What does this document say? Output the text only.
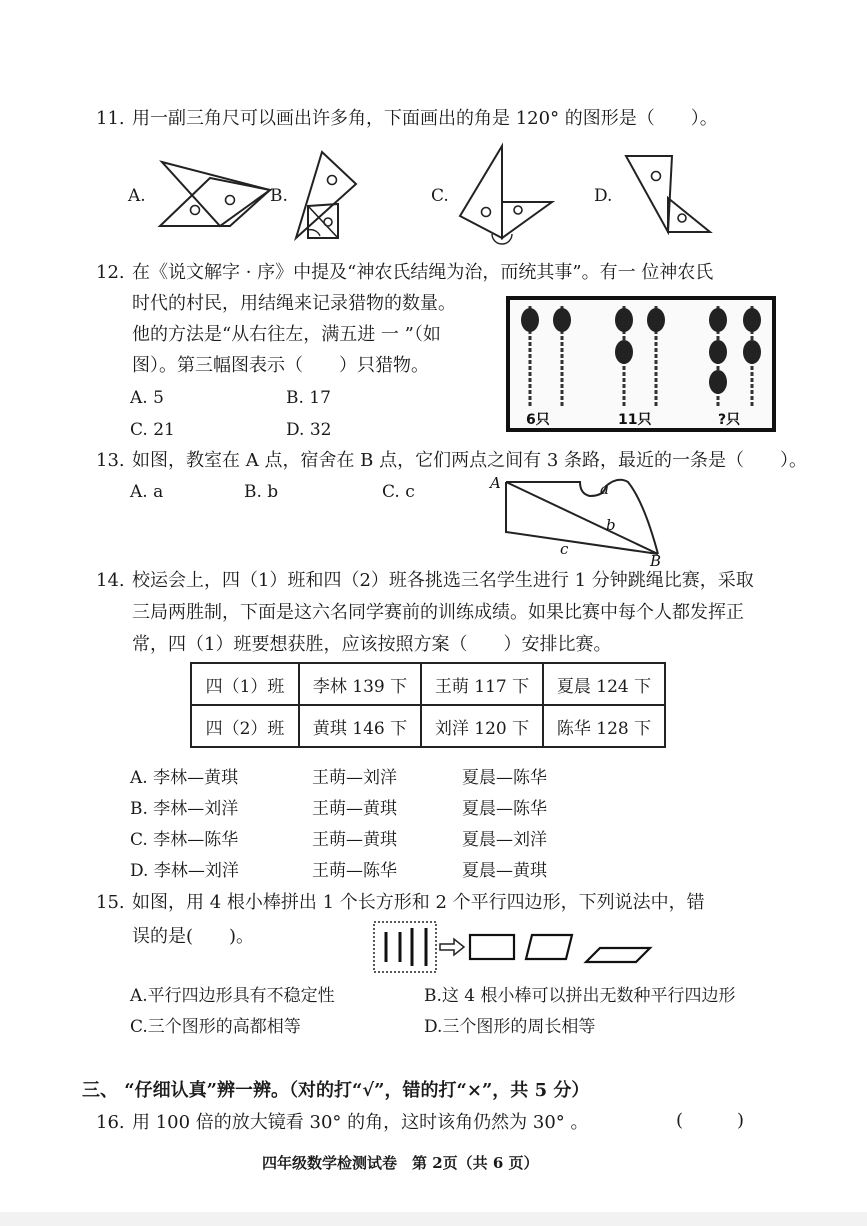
11. 用一副三角尺可以画出许多角，下面画出的角是 120° 的图形是（　　）。
A.	B.	C.	D.
12. 在《说文解字 · 序》中提及“神农氏结绳为治，而统其事”。有一 位神农氏
时代的村民，用结绳来记录猎物的数量。
他的方法是“从右往左，满五进 一 ”（如
图）。第三幅图表示（　　）只猎物。
A. 5	B. 17
C. 21	D. 32	6只	11只	?只
13. 如图，教室在 A 点，宿舍在 B 点，它们两点之间有 3 条路，最近的一条是（　　）。
A. a	B. b	C. c	A
B
a
b
c
14. 校运会上，四（1）班和四（2）班各挑选三名学生进行 1 分钟跳绳比赛，采取
三局两胜制，下面是这六名同学赛前的训练成绩。如果比赛中每个人都发挥正
常，四（1）班要想获胜，应该按照方案（　　）安排比赛。
四（1）班	李林 139 下	王萌 117 下	夏晨 124 下
四（2）班	黄琪 146 下	刘洋 120 下	陈华 128 下
A. 李林—黄琪	王萌—刘洋	夏晨—陈华
B. 李林—刘洋	王萌—黄琪	夏晨—陈华
C. 李林—陈华	王萌—黄琪	夏晨—刘洋
D. 李林—刘洋	王萌—陈华	夏晨—黄琪
15. 如图，用 4 根小棒拼出 1 个长方形和 2 个平行四边形，下列说法中，错
误的是(　　)。
A.平行四边形具有不稳定性	B.这 4 根小棒可以拼出无数种平行四边形
C.三个图形的高都相等	D.三个图形的周长相等
三、 “仔细认真”辨一辨。（对的打“√”，错的打“×”，共 5 分）
16. 用 100 倍的放大镜看 30° 的角，这时该角仍然为 30° 。	(　　　)
四年级数学检测试卷　第 2页（共 6 页）
